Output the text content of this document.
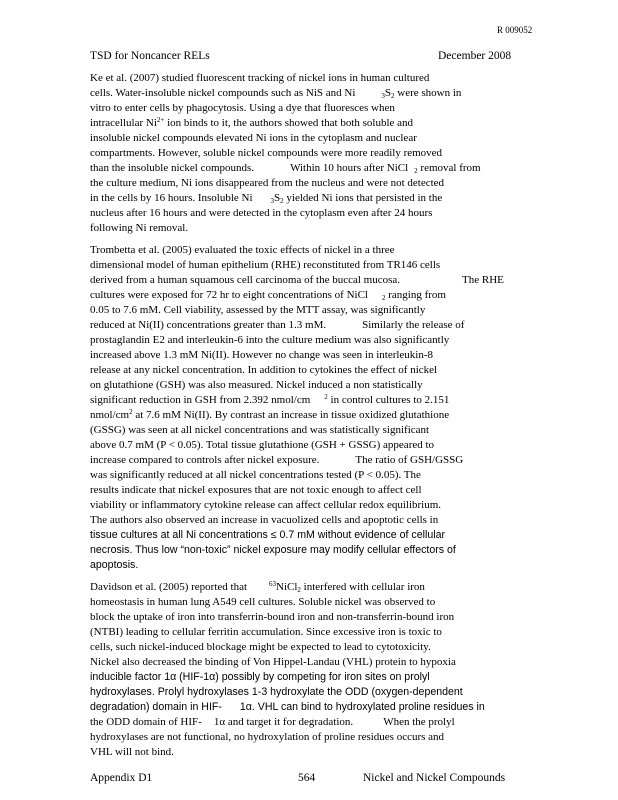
R 009052
TSD for Noncancer RELs	December 2008
Ke et al. (2007) studied fluorescent tracking of nickel ions in human cultured
cells. Water-insoluble nickel compounds such as NiS and Ni	$_3S_2$ were shown in
vitro to enter cells by phagocytosis. Using a dye that fluoresces when
intracellular $Ni^{2+}$ ion binds to it, the authors showed that both soluble and
insoluble nickel compounds elevated Ni ions in the cytoplasm and nuclear
compartments. However, soluble nickel compounds were more readily removed
than the insoluble nickel compounds.	Within 10 hours after NiCl $_2$ removal from
the culture medium, Ni ions disappeared from the nucleus and were not detected
in the cells by 16 hours. Insoluble Ni	$_3S_2$ yielded Ni ions that persisted in the
nucleus after 16 hours and were detected in the cytoplasm even after 24 hours
following Ni removal.
Trombetta et al. (2005) evaluated the toxic effects of nickel in a three
dimensional model of human epithelium (RHE) reconstituted from TR146 cells
derived from a human squamous cell carcinoma of the buccal mucosa.	The RHE
cultures were exposed for 72 hr to eight concentrations of NiCl $_2$ ranging from
0.05 to 7.6 mM. Cell viability, assessed by the MTT assay, was significantly
reduced at Ni(II) concentrations greater than 1.3 mM.	Similarly the release of
prostaglandin E2 and interleukin-6 into the culture medium was also significantly
increased above 1.3 mM Ni(II). However no change was seen in interleukin-8
release at any nickel concentration. In addition to cytokines the effect of nickel
on glutathione (GSH) was also measured. Nickel induced a non statistically
significant reduction in GSH from 2.392 nmol/cm $^2$ in control cultures to 2.151
nmol/$cm^2$ at 7.6 mM Ni(II). By contrast an increase in tissue oxidized glutathione
(GSSG) was seen at all nickel concentrations and was statistically significant
above 0.7 mM (P < 0.05). Total tissue glutathione (GSH + GSSG) appeared to
increase compared to controls after nickel exposure.	The ratio of GSH/GSSG
was significantly reduced at all nickel concentrations tested (P < 0.05). The
results indicate that nickel exposures that are not toxic enough to affect cell
viability or inflammatory cytokine release can affect cellular redox equilibrium.
The authors also observed an increase in vacuolized cells and apoptotic cells in
tissue cultures at all Ni concentrations ≤ 0.7 mM without evidence of cellular
necrosis. Thus low “non-toxic” nickel exposure may modify cellular effectors of
apoptosis.
Davidson et al. (2005) reported that	$^{63}$NiCl$_2$ interfered with cellular iron
homeostasis in human lung A549 cell cultures. Soluble nickel was observed to
block the uptake of iron into transferrin-bound iron and non-transferrin-bound iron
(NTBI) leading to cellular ferritin accumulation. Since excessive iron is toxic to
cells, such nickel-induced blockage might be expected to lead to cytotoxicity.
Nickel also decreased the binding of Von Hippel-Landau (VHL) protein to hypoxia
inducible factor 1α (HIF-1α) possibly by competing for iron sites on prolyl
hydroxylases. Prolyl hydroxylases 1-3 hydroxylate the ODD (oxygen-dependent
degradation) domain in HIF- 1α. VHL can bind to hydroxylated proline residues in
the ODD domain of HIF- 1α and target it for degradation.	When the prolyl
hydroxylases are not functional, no hydroxylation of proline residues occurs and
VHL will not bind.
Appendix D1	564	Nickel and Nickel Compounds
